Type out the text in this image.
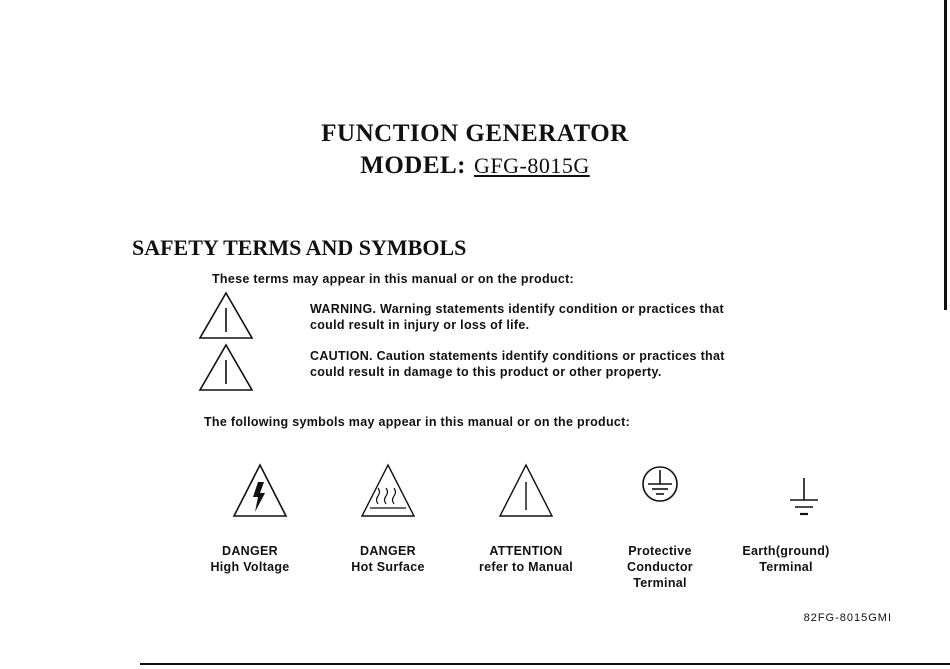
FUNCTION GENERATOR
MODEL: GFG-8015G
SAFETY TERMS AND SYMBOLS
These terms may appear in this manual or on the product:
WARNING. Warning statements identify condition or practices that
could result in injury or loss of life.
CAUTION. Caution statements identify conditions or practices that
could result in damage to this product or other property.
The following symbols may appear in this manual or on the product:
DANGER
High Voltage
DANGER
Hot Surface
ATTENTION
refer to Manual
Protective
Conductor
Terminal
Earth(ground)
Terminal
82FG-8015GMI
